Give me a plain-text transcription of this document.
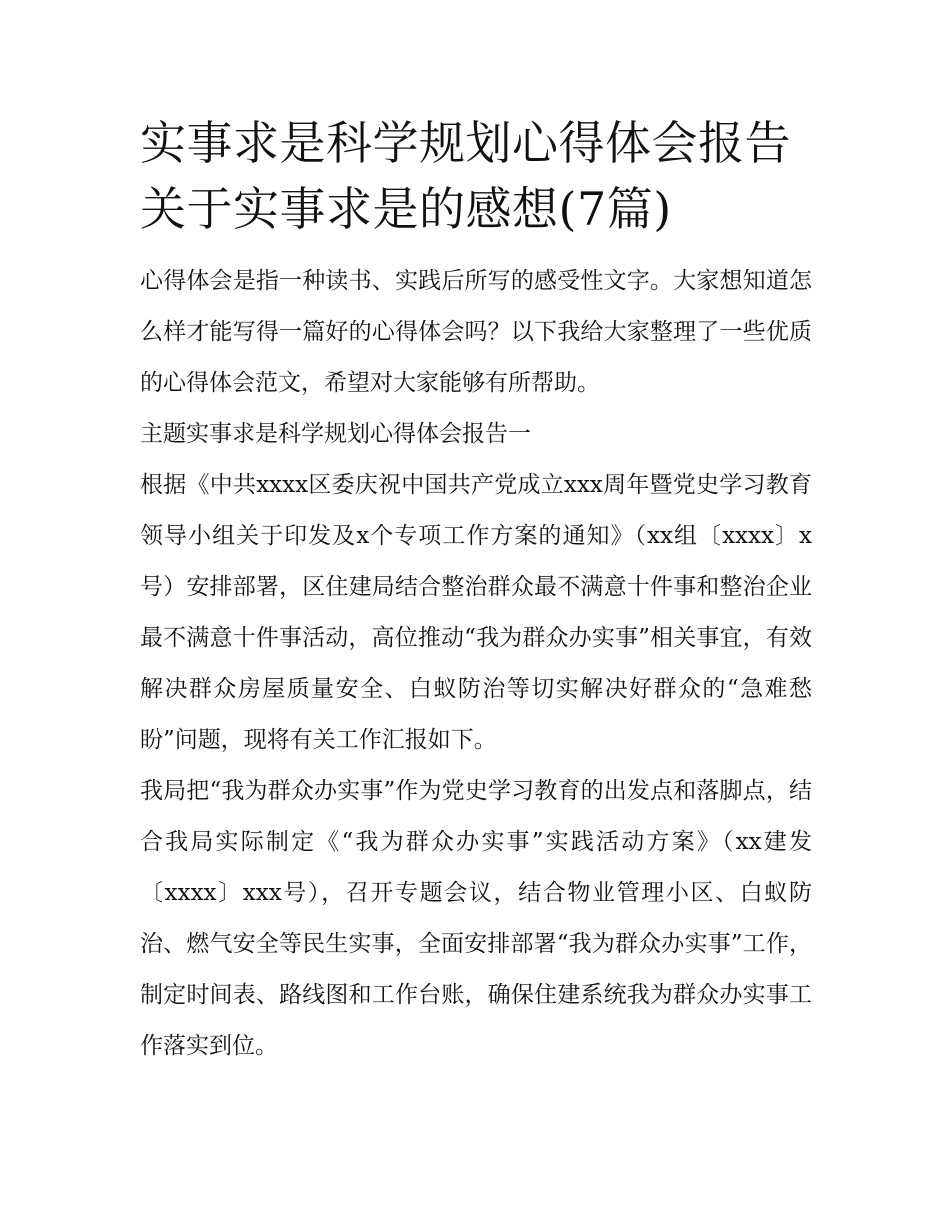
实事求是科学规划心得体会报告 关于实事求是的感想(7篇)

心得体会是指一种读书、实践后所写的感受性文字。大家想知道怎么样才能写得一篇好的心得体会吗？以下我给大家整理了一些优质的心得体会范文，希望对大家能够有所帮助。

主题实事求是科学规划心得体会报告一

根据《中共xxxx区委庆祝中国共产党成立xxx周年暨党史学习教育领导小组关于印发及x个专项工作方案的通知》（xx组〔xxxx〕x号）安排部署，区住建局结合整治群众最不满意十件事和整治企业最不满意十件事活动，高位推动“我为群众办实事”相关事宜，有效解决群众房屋质量安全、白蚁防治等切实解决好群众的“急难愁盼”问题，现将有关工作汇报如下。

我局把“我为群众办实事”作为党史学习教育的出发点和落脚点，结合我局实际制定《“我为群众办实事”实践活动方案》（xx建发〔xxxx〕xxx号），召开专题会议，结合物业管理小区、白蚁防治、燃气安全等民生实事，全面安排部署“我为群众办实事”工作，制定时间表、路线图和工作台账，确保住建系统我为群众办实事工作落实到位。
